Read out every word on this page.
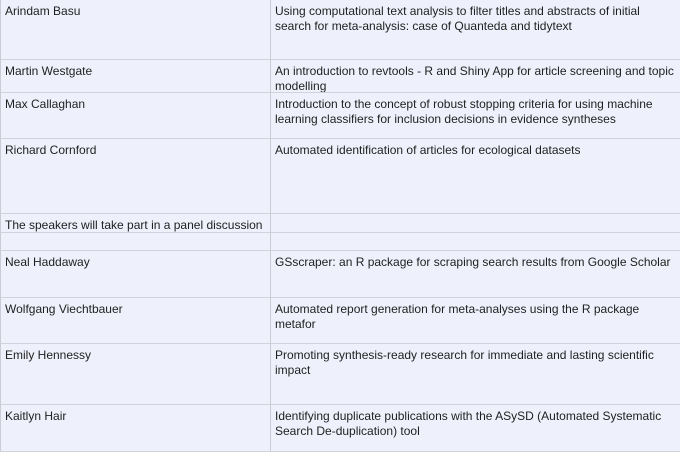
Arindam Basu	Using computational text analysis to filter titles and abstracts of initial search for meta-analysis: case of Quanteda and tidytext
Martin Westgate	An introduction to revtools - R and Shiny App for article screening and topic modelling
Max Callaghan	Introduction to the concept of robust stopping criteria for using machine learning classifiers for inclusion decisions in evidence syntheses
Richard Cornford	Automated identification of articles for ecological datasets
The speakers will take part in a panel discussion
Neal Haddaway	GSscraper: an R package for scraping search results from Google Scholar
Wolfgang Viechtbauer	Automated report generation for meta-analyses using the R package metafor
Emily Hennessy	Promoting synthesis-ready research for immediate and lasting scientific impact
Kaitlyn Hair	Identifying duplicate publications with the ASySD (Automated Systematic Search De-duplication) tool
